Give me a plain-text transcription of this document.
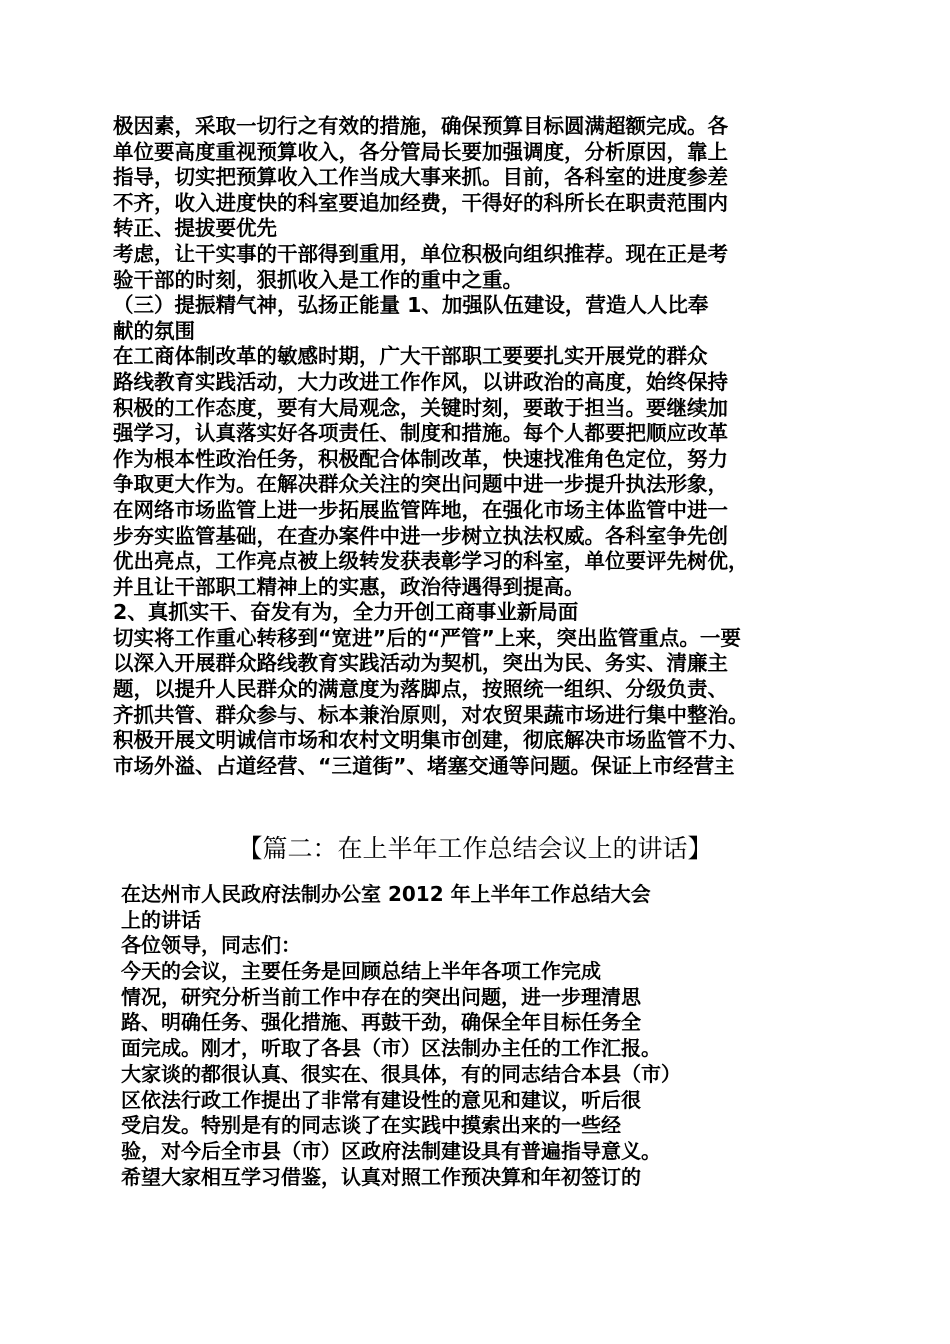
极因素，采取一切行之有效的措施，确保预算目标圆满超额完成。各
单位要高度重视预算收入，各分管局长要加强调度，分析原因，靠上
指导，切实把预算收入工作当成大事来抓。目前，各科室的进度参差
不齐，收入进度快的科室要追加经费，干得好的科所长在职责范围内
转正、提拔要优先
考虑，让干实事的干部得到重用，单位积极向组织推荐。现在正是考
验干部的时刻，狠抓收入是工作的重中之重。
（三）提振精气神，弘扬正能量 1、加强队伍建设，营造人人比奉
献的氛围
在工商体制改革的敏感时期，广大干部职工要要扎实开展党的群众
路线教育实践活动，大力改进工作作风，以讲政治的高度，始终保持
积极的工作态度，要有大局观念，关键时刻，要敢于担当。要继续加
强学习，认真落实好各项责任、制度和措施。每个人都要把顺应改革
作为根本性政治任务，积极配合体制改革，快速找准角色定位，努力
争取更大作为。在解决群众关注的突出问题中进一步提升执法形象，
在网络市场监管上进一步拓展监管阵地，在强化市场主体监管中进一
步夯实监管基础，在查办案件中进一步树立执法权威。各科室争先创
优出亮点，工作亮点被上级转发获表彰学习的科室，单位要评先树优，
并且让干部职工精神上的实惠，政治待遇得到提高。
2、真抓实干、奋发有为，全力开创工商事业新局面
切实将工作重心转移到“宽进”后的“严管”上来，突出监管重点。一要
以深入开展群众路线教育实践活动为契机，突出为民、务实、清廉主
题，以提升人民群众的满意度为落脚点，按照统一组织、分级负责、
齐抓共管、群众参与、标本兼治原则，对农贸果蔬市场进行集中整治。
积极开展文明诚信市场和农村文明集市创建，彻底解决市场监管不力、
市场外溢、占道经营、“三道街”、堵塞交通等问题。保证上市经营主
【篇二：在上半年工作总结会议上的讲话】
在达州市人民政府法制办公室 2012 年上半年工作总结大会
上的讲话
各位领导，同志们：
今天的会议，主要任务是回顾总结上半年各项工作完成
情况，研究分析当前工作中存在的突出问题，进一步理清思
路、明确任务、强化措施、再鼓干劲，确保全年目标任务全
面完成。刚才，听取了各县（市）区法制办主任的工作汇报。
大家谈的都很认真、很实在、很具体，有的同志结合本县（市）
区依法行政工作提出了非常有建设性的意见和建议，听后很
受启发。特别是有的同志谈了在实践中摸索出来的一些经
验，对今后全市县（市）区政府法制建设具有普遍指导意义。
希望大家相互学习借鉴，认真对照工作预决算和年初签订的
